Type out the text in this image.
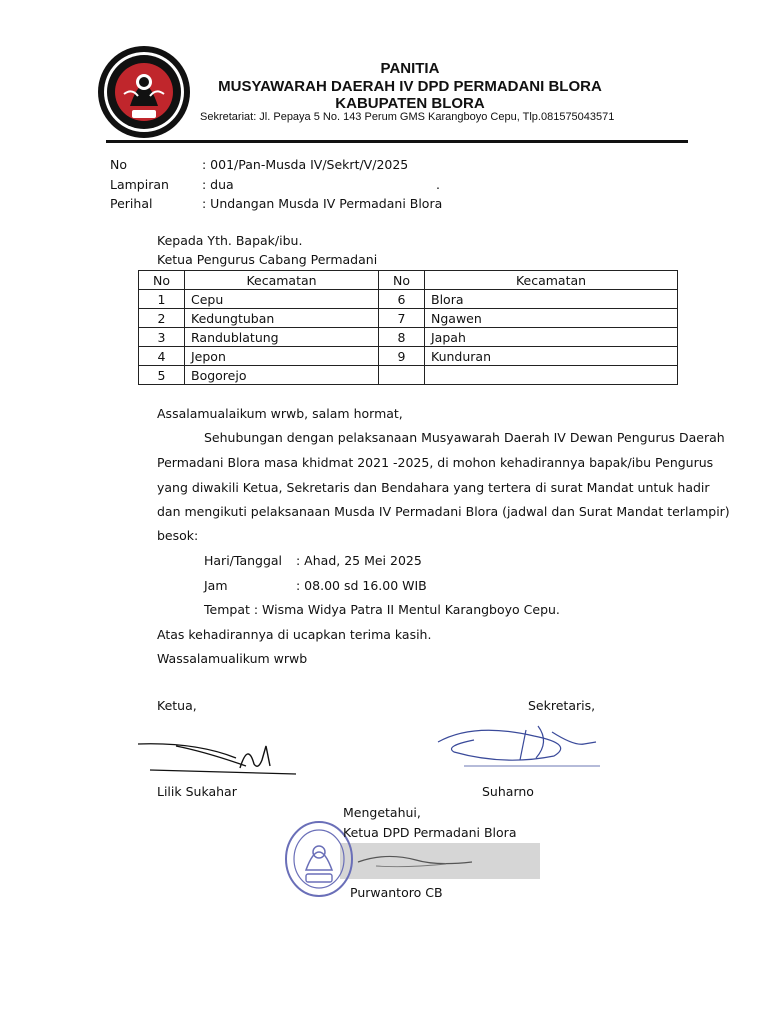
PANITIA
MUSYAWARAH DAERAH IV DPD PERMADANI BLORA
KABUPATEN BLORA
Sekretariat: Jl. Pepaya 5 No. 143 Perum GMS Karangboyo Cepu, Tlp.081575043571
No	: 001/Pan-Musda IV/Sekrt/V/2025
Lampiran	: dua	.
Perihal	: Undangan Musda IV Permadani Blora
Kepada Yth. Bapak/ibu.
Ketua Pengurus Cabang Permadani
No	Kecamatan	No	Kecamatan
1	Cepu	6	Blora
2	Kedungtuban	7	Ngawen
3	Randublatung	8	Japah
4	Jepon	9	Kunduran
5	Bogorejo		
Assalamualaikum wrwb, salam hormat,
Sehubungan dengan pelaksanaan Musyawarah Daerah IV Dewan Pengurus Daerah
Permadani Blora masa khidmat 2021 -2025, di mohon kehadirannya bapak/ibu Pengurus
yang diwakili Ketua, Sekretaris dan Bendahara yang tertera di surat Mandat untuk hadir
dan mengikuti pelaksanaan Musda IV Permadani Blora (jadwal dan Surat Mandat terlampir)
besok:
Hari/Tanggal : Ahad, 25 Mei 2025
Jam	: 08.00 sd 16.00 WIB
Tempat : Wisma Widya Patra II Mentul Karangboyo Cepu.
Atas kehadirannya di ucapkan terima kasih.
Wassalamualikum wrwb
Ketua,	Sekretaris,
Lilik Sukahar	Suharno
Mengetahui,
Ketua DPD Permadani Blora
Purwantoro CB
